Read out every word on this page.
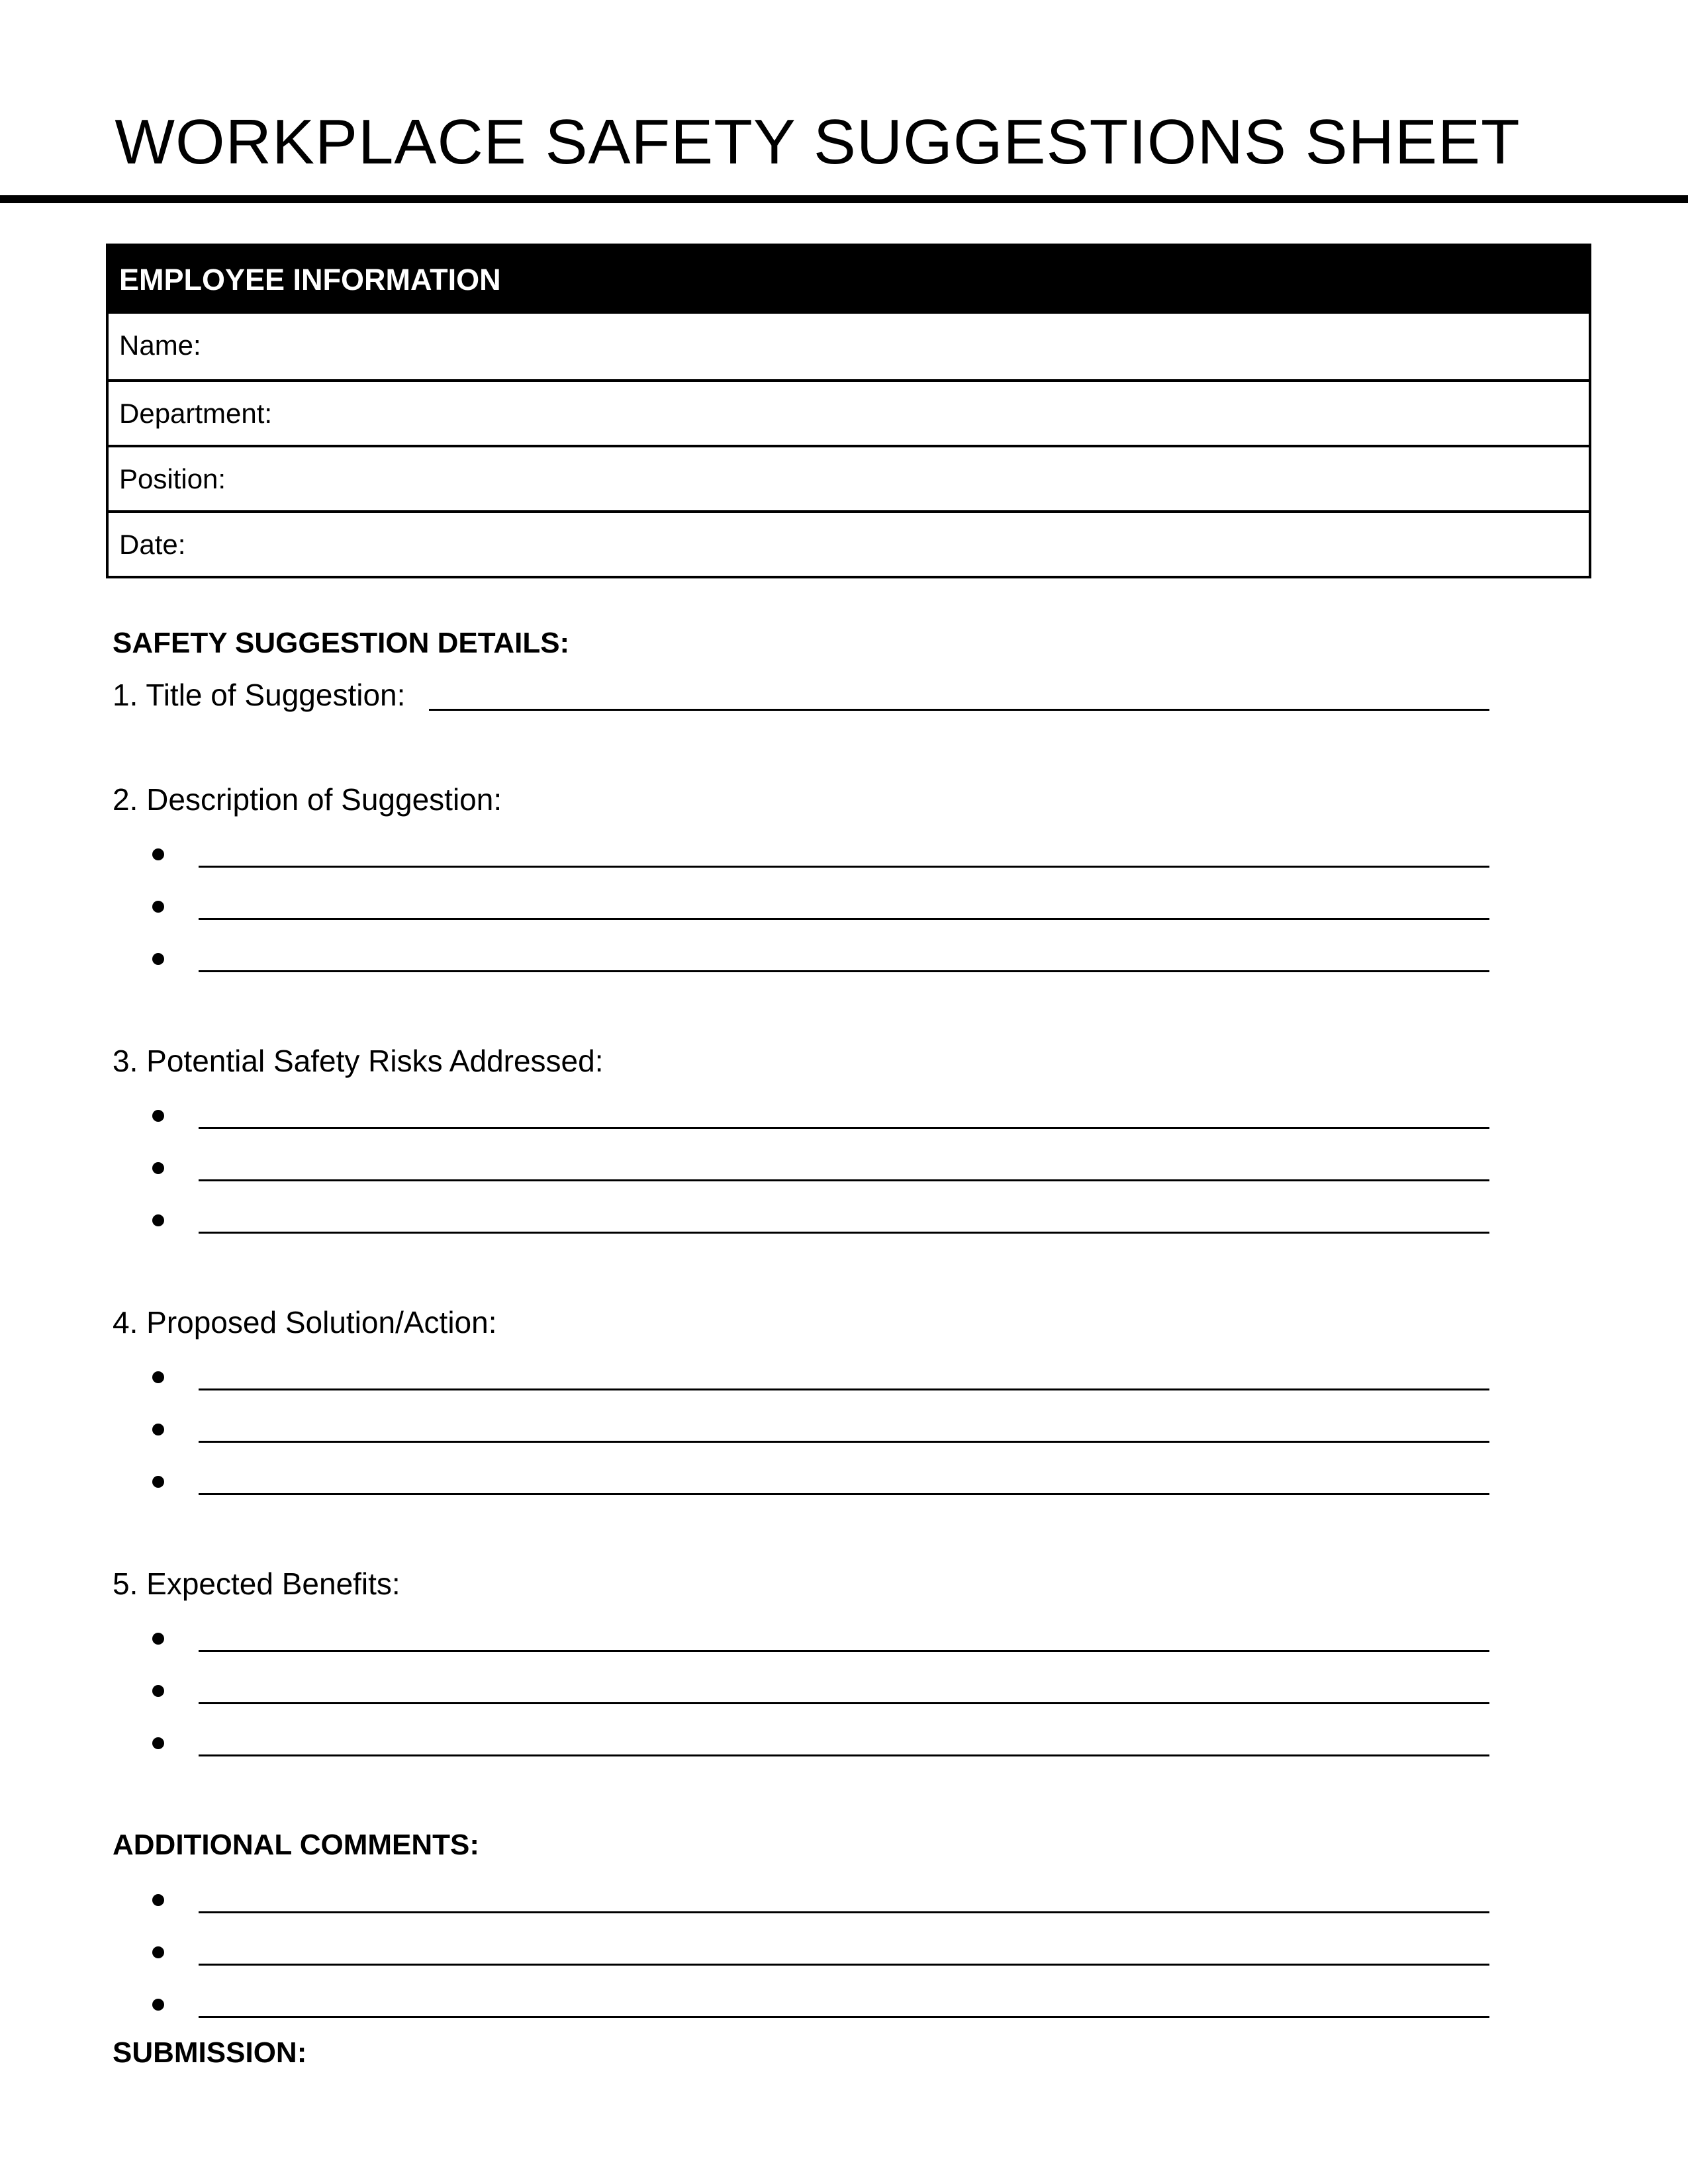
WORKPLACE SAFETY SUGGESTIONS SHEET
EMPLOYEE INFORMATION
Name:
Department:
Position:
Date:
SAFETY SUGGESTION DETAILS:
1. Title of Suggestion:
2. Description of Suggestion:
3. Potential Safety Risks Addressed:
4. Proposed Solution/Action:
5. Expected Benefits:
ADDITIONAL COMMENTS:
SUBMISSION:
